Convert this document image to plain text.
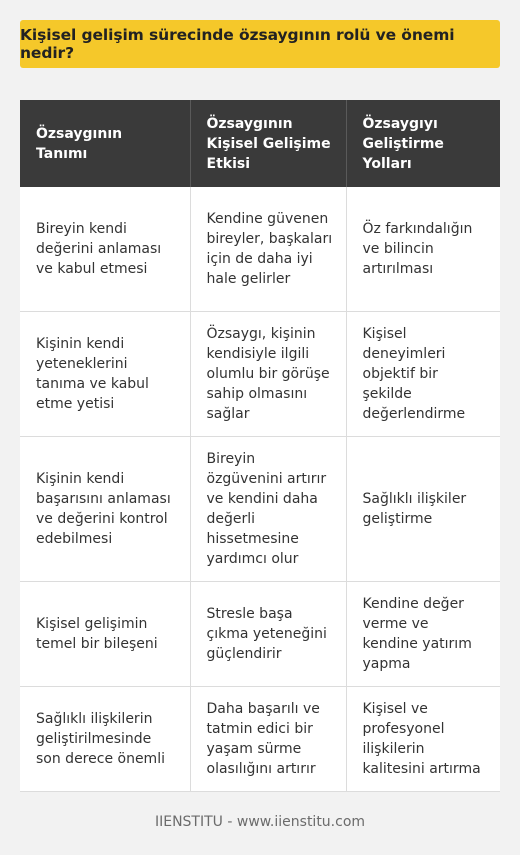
Kişisel gelişim sürecinde özsaygının rolü ve önemi nedir?
Özsaygının Tanımı	Özsaygının Kişisel Gelişime Etkisi	Özsaygıyı Geliştirme Yolları
Bireyin kendi değerini anlaması ve kabul etmesi	Kendine güvenen bireyler, başkaları için de daha iyi hale gelirler	Öz farkındalığın ve bilincin artırılması
Kişinin kendi yeteneklerini tanıma ve kabul etme yetisi	Özsaygı, kişinin kendisiyle ilgili olumlu bir görüşe sahip olmasını sağlar	Kişisel deneyimleri objektif bir şekilde değerlendirme
Kişinin kendi başarısını anlaması ve değerini kontrol edebilmesi	Bireyin özgüvenini artırır ve kendini daha değerli hissetmesine yardımcı olur	Sağlıklı ilişkiler geliştirme
Kişisel gelişimin temel bir bileşeni	Stresle başa çıkma yeteneğini güçlendirir	Kendine değer verme ve kendine yatırım yapma
Sağlıklı ilişkilerin geliştirilmesinde son derece önemli	Daha başarılı ve tatmin edici bir yaşam sürme olasılığını artırır	Kişisel ve profesyonel ilişkilerin kalitesini artırma
IIENSTITU - www.iienstitu.com
